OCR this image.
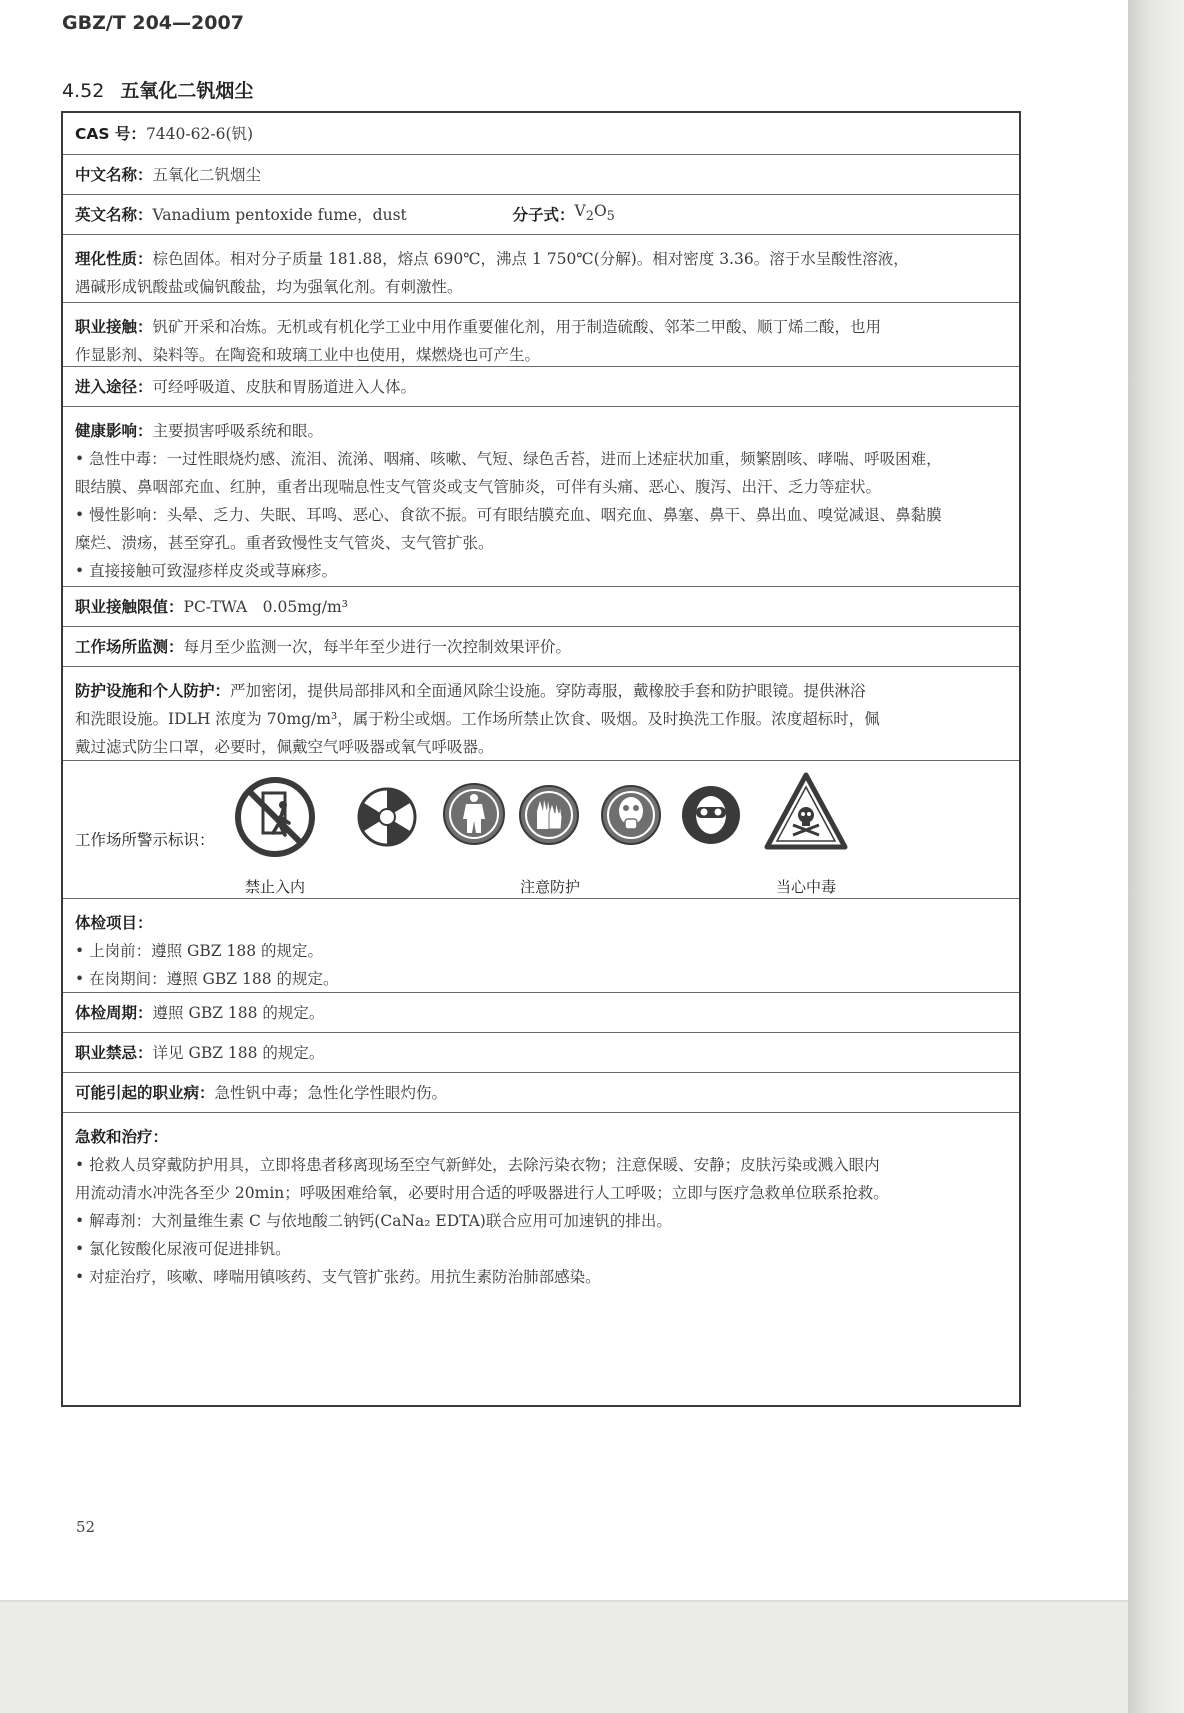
GBZ/T 204—2007
4.52 五氧化二钒烟尘
CAS 号： 7440-62-6(钒)
中文名称： 五氧化二钒烟尘
英文名称： Vanadium pentoxide fume，dust	分子式： $V_2O_5$
理化性质：棕色固体。相对分子质量 181.88，熔点 690℃，沸点 1 750℃(分解)。相对密度 3.36。溶于水呈酸性溶液，
遇碱形成钒酸盐或偏钒酸盐，均为强氧化剂。有刺激性。
职业接触：钒矿开采和冶炼。无机或有机化学工业中用作重要催化剂，用于制造硫酸、邻苯二甲酸、顺丁烯二酸，也用
作显影剂、染料等。在陶瓷和玻璃工业中也使用，煤燃烧也可产生。
进入途径： 可经呼吸道、皮肤和胃肠道进入人体。
健康影响：主要损害呼吸系统和眼。
• 急性中毒：一过性眼烧灼感、流泪、流涕、咽痛、咳嗽、气短、绿色舌苔，进而上述症状加重，频繁剧咳、哮喘、呼吸困难，
眼结膜、鼻咽部充血、红肿，重者出现喘息性支气管炎或支气管肺炎，可伴有头痛、恶心、腹泻、出汗、乏力等症状。
• 慢性影响：头晕、乏力、失眠、耳鸣、恶心、食欲不振。可有眼结膜充血、咽充血、鼻塞、鼻干、鼻出血、嗅觉减退、鼻黏膜
糜烂、溃疡，甚至穿孔。重者致慢性支气管炎、支气管扩张。
• 直接接触可致湿疹样皮炎或荨麻疹。
职业接触限值： PC-TWA　0.05mg/m³
工作场所监测： 每月至少监测一次，每半年至少进行一次控制效果评价。
防护设施和个人防护：严加密闭，提供局部排风和全面通风除尘设施。穿防毒服，戴橡胶手套和防护眼镜。提供淋浴
和洗眼设施。IDLH 浓度为 70mg/m³，属于粉尘或烟。工作场所禁止饮食、吸烟。及时换洗工作服。浓度超标时，佩
戴过滤式防尘口罩，必要时，佩戴空气呼吸器或氧气呼吸器。
工作场所警示标识：
禁止入内	注意防护	当心中毒
体检项目：
• 上岗前：遵照 GBZ 188 的规定。
• 在岗期间：遵照 GBZ 188 的规定。
体检周期： 遵照 GBZ 188 的规定。
职业禁忌： 详见 GBZ 188 的规定。
可能引起的职业病： 急性钒中毒；急性化学性眼灼伤。
急救和治疗：
• 抢救人员穿戴防护用具，立即将患者移离现场至空气新鲜处，去除污染衣物；注意保暖、安静；皮肤污染或溅入眼内
用流动清水冲洗各至少 20min；呼吸困难给氧，必要时用合适的呼吸器进行人工呼吸；立即与医疗急救单位联系抢救。
• 解毒剂：大剂量维生素 C 与依地酸二钠钙(CaNa₂ EDTA)联合应用可加速钒的排出。
• 氯化铵酸化尿液可促进排钒。
• 对症治疗，咳嗽、哮喘用镇咳药、支气管扩张药。用抗生素防治肺部感染。
52
